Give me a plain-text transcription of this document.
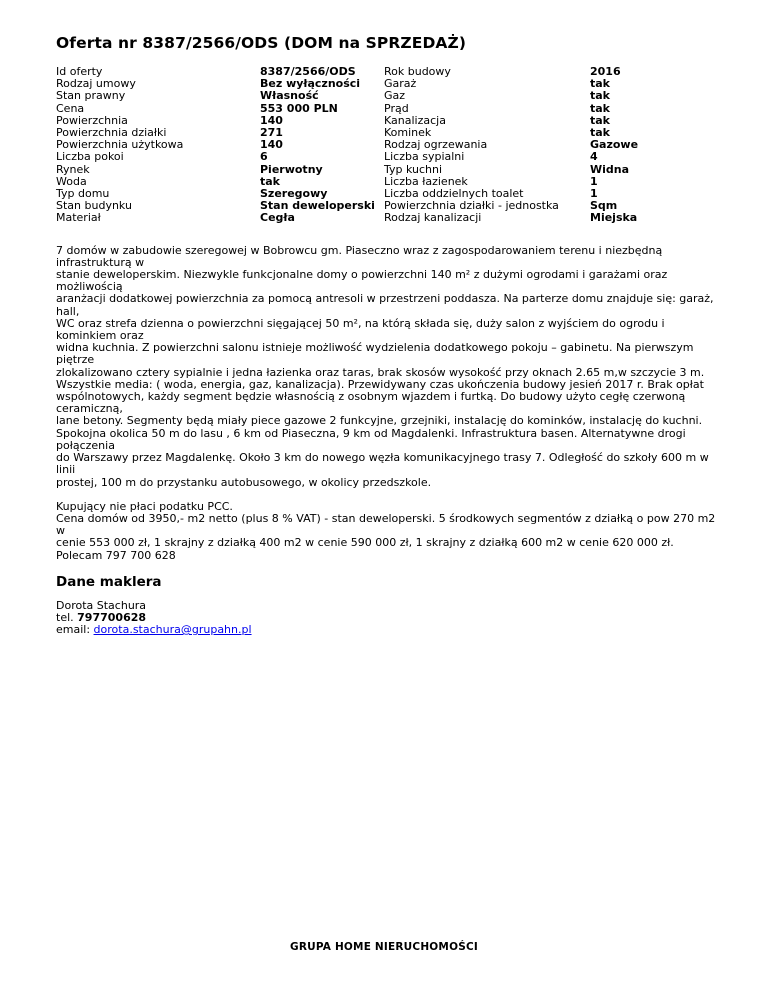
Oferta nr 8387/2566/ODS (DOM na SPRZEDAŻ)
Id oferty
Rodzaj umowy
Stan prawny
Cena
Powierzchnia
Powierzchnia działki
Powierzchnia użytkowa
Liczba pokoi
Rynek
Woda
Typ domu
Stan budynku
Materiał
8387/2566/ODS
Bez wyłączności
Własność
553 000 PLN
140
271
140
6
Pierwotny
tak
Szeregowy
Stan deweloperski
Cegła
Rok budowy
Garaż
Gaz
Prąd
Kanalizacja
Kominek
Rodzaj ogrzewania
Liczba sypialni
Typ kuchni
Liczba łazienek
Liczba oddzielnych toalet
Powierzchnia działki - jednostka
Rodzaj kanalizacji
2016
tak
tak
tak
tak
tak
Gazowe
4
Widna
1
1
Sqm
Miejska

7 domów w zabudowie szeregowej w Bobrowcu gm. Piaseczno wraz z zagospodarowaniem terenu i niezbędną infrastrukturą w
stanie deweloperskim. Niezwykle funkcjonalne domy o powierzchni 140 m² z dużymi ogrodami i garażami oraz możliwością
aranżacji dodatkowej powierzchnia za pomocą antresoli w przestrzeni poddasza. Na parterze domu znajduje się: garaż, hall,
WC oraz strefa dzienna o powierzchni sięgającej 50 m², na którą składa się, duży salon z wyjściem do ogrodu i kominkiem oraz
widna kuchnia. Z powierzchni salonu istnieje możliwość wydzielenia dodatkowego pokoju – gabinetu. Na pierwszym piętrze
zlokalizowano cztery sypialnie i jedna łazienka oraz taras, brak skosów wysokość przy oknach 2.65 m,w szczycie 3 m.
Wszystkie media: ( woda, energia, gaz, kanalizacja). Przewidywany czas ukończenia budowy jesień 2017 r. Brak opłat
wspólnotowych, każdy segment będzie własnością z osobnym wjazdem i furtką. Do budowy użyto cegłę czerwoną ceramiczną,
lane betony. Segmenty będą miały piece gazowe 2 funkcyjne, grzejniki, instalację do kominków, instalację do kuchni.
Spokojna okolica 50 m do lasu , 6 km od Piaseczna, 9 km od Magdalenki. Infrastruktura basen. Alternatywne drogi połączenia
do Warszawy przez Magdalenkę. Około 3 km do nowego węzła komunikacyjnego trasy 7. Odległość do szkoły 600 m w linii
prostej, 100 m do przystanku autobusowego, w okolicy przedszkole.

Kupujący nie płaci podatku PCC.
Cena domów od 3950,- m2 netto (plus 8 % VAT) - stan deweloperski. 5 środkowych segmentów z działką o pow 270 m2 w
cenie 553 000 zł, 1 skrajny z działką 400 m2 w cenie 590 000 zł, 1 skrajny z działką 600 m2 w cenie 620 000 zł.
Polecam 797 700 628

Dane maklera
Dorota Stachura
tel. 797700628
email: dorota.stachura@grupahn.pl
GRUPA HOME NIERUCHOMOŚCI
